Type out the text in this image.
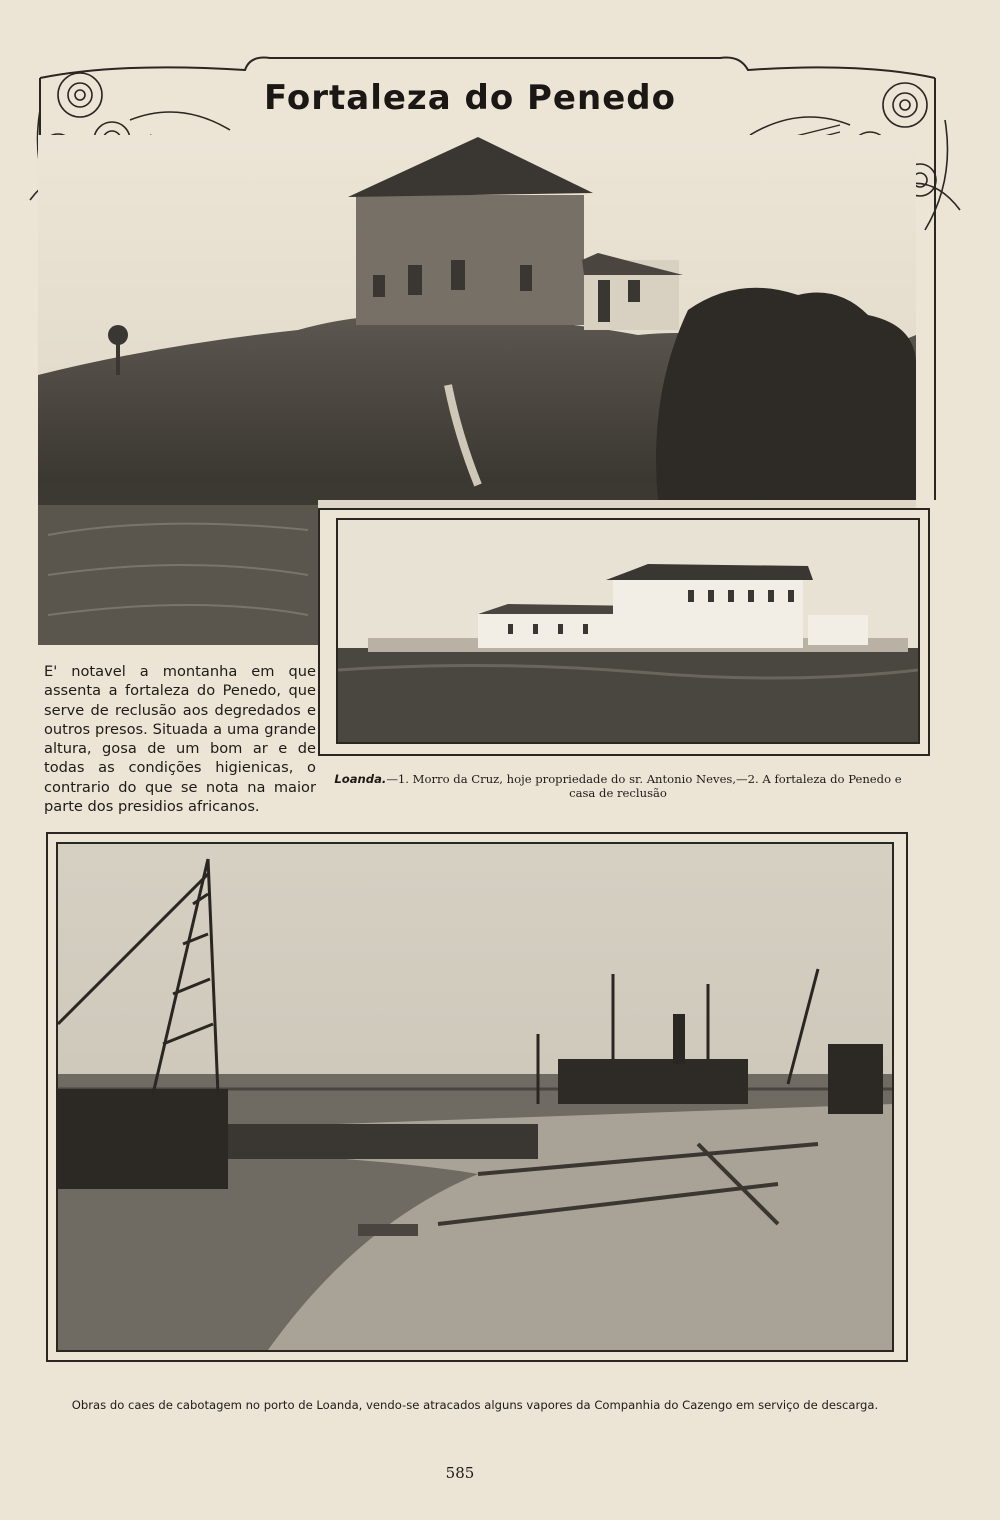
Fortaleza do Penedo
E' notavel a montanha em que assenta a fortaleza do Penedo, que serve de reclusão aos degredados e outros presos. Situada a uma grande altura, gosa de um bom ar e de todas as condições higienicas, o contrario do que se nota na maior parte dos presidios africanos.
Loanda.—1. Morro da Cruz, hoje propriedade do sr. Antonio Neves,—2. A fortaleza do Penedo e casa de reclusão
Obras do caes de cabotagem no porto de Loanda, vendo-se atracados alguns vapores da Companhia do Cazengo em serviço de descarga.
585
